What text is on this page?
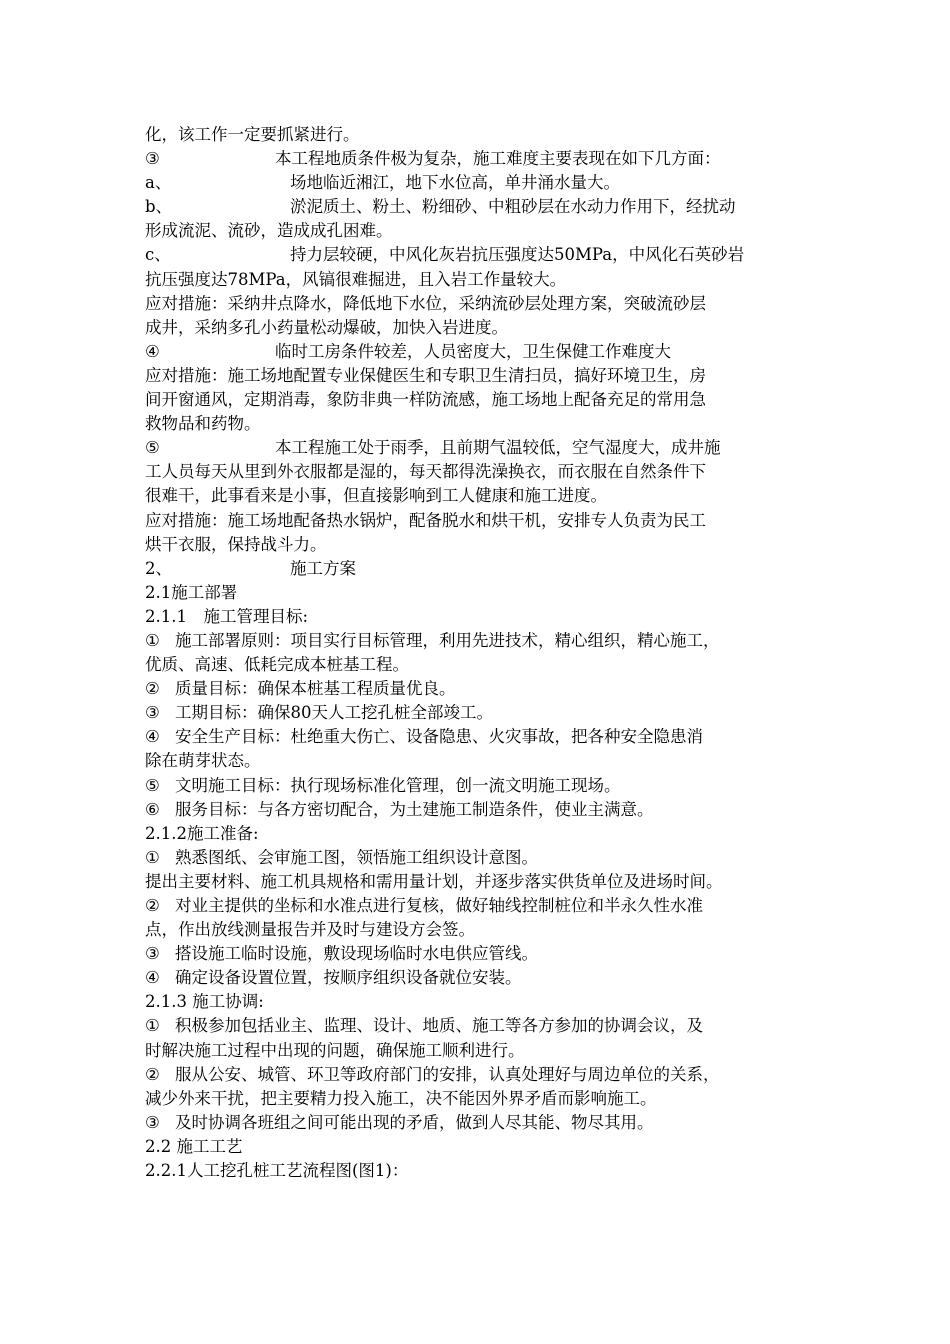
化，该工作一定要抓紧进行。
③	本工程地质条件极为复杂，施工难度主要表现在如下几方面：
a、	场地临近湘江，地下水位高，单井涌水量大。
b、	淤泥质土、粉土、粉细砂、中粗砂层在水动力作用下，经扰动
形成流泥、流砂，造成成孔困难。
c、	持力层较硬，中风化灰岩抗压强度达50MPa，中风化石英砂岩
抗压强度达78MPa，风镐很难掘进，且入岩工作量较大。
应对措施：采纳井点降水，降低地下水位，采纳流砂层处理方案，突破流砂层
成井，采纳多孔小药量松动爆破，加快入岩进度。
④	临时工房条件较差，人员密度大，卫生保健工作难度大
应对措施：施工场地配置专业保健医生和专职卫生清扫员，搞好环境卫生，房
间开窗通风，定期消毒，象防非典一样防流感，施工场地上配备充足的常用急
救物品和药物。
⑤	本工程施工处于雨季，且前期气温较低，空气湿度大，成井施
工人员每天从里到外衣服都是湿的，每天都得洗澡换衣，而衣服在自然条件下
很难干，此事看来是小事，但直接影响到工人健康和施工进度。
应对措施：施工场地配备热水锅炉，配备脱水和烘干机，安排专人负责为民工
烘干衣服，保持战斗力。
2、	施工方案
2.1施工部署
2.1.1　施工管理目标:
① 施工部署原则：项目实行目标管理，利用先进技术，精心组织，精心施工，
优质、高速、低耗完成本桩基工程。
② 质量目标：确保本桩基工程质量优良。
③ 工期目标：确保80天人工挖孔桩全部竣工。
④ 安全生产目标：杜绝重大伤亡、设备隐患、火灾事故，把各种安全隐患消
除在萌芽状态。
⑤ 文明施工目标：执行现场标准化管理，创一流文明施工现场。
⑥ 服务目标：与各方密切配合，为土建施工制造条件，使业主满意。
2.1.2施工准备:
① 熟悉图纸、会审施工图，领悟施工组织设计意图。
提出主要材料、施工机具规格和需用量计划，并逐步落实供货单位及进场时间。
② 对业主提供的坐标和水准点进行复核，做好轴线控制桩位和半永久性水准
点，作出放线测量报告并及时与建设方会签。
③ 搭设施工临时设施，敷设现场临时水电供应管线。
④ 确定设备设置位置，按顺序组织设备就位安装。
2.1.3 施工协调:
① 积极参加包括业主、监理、设计、地质、施工等各方参加的协调会议，及
时解决施工过程中出现的问题，确保施工顺利进行。
② 服从公安、城管、环卫等政府部门的安排，认真处理好与周边单位的关系，
减少外来干扰，把主要精力投入施工，决不能因外界矛盾而影响施工。
③ 及时协调各班组之间可能出现的矛盾，做到人尽其能、物尽其用。
2.2 施工工艺
2.2.1人工挖孔桩工艺流程图(图1)：
